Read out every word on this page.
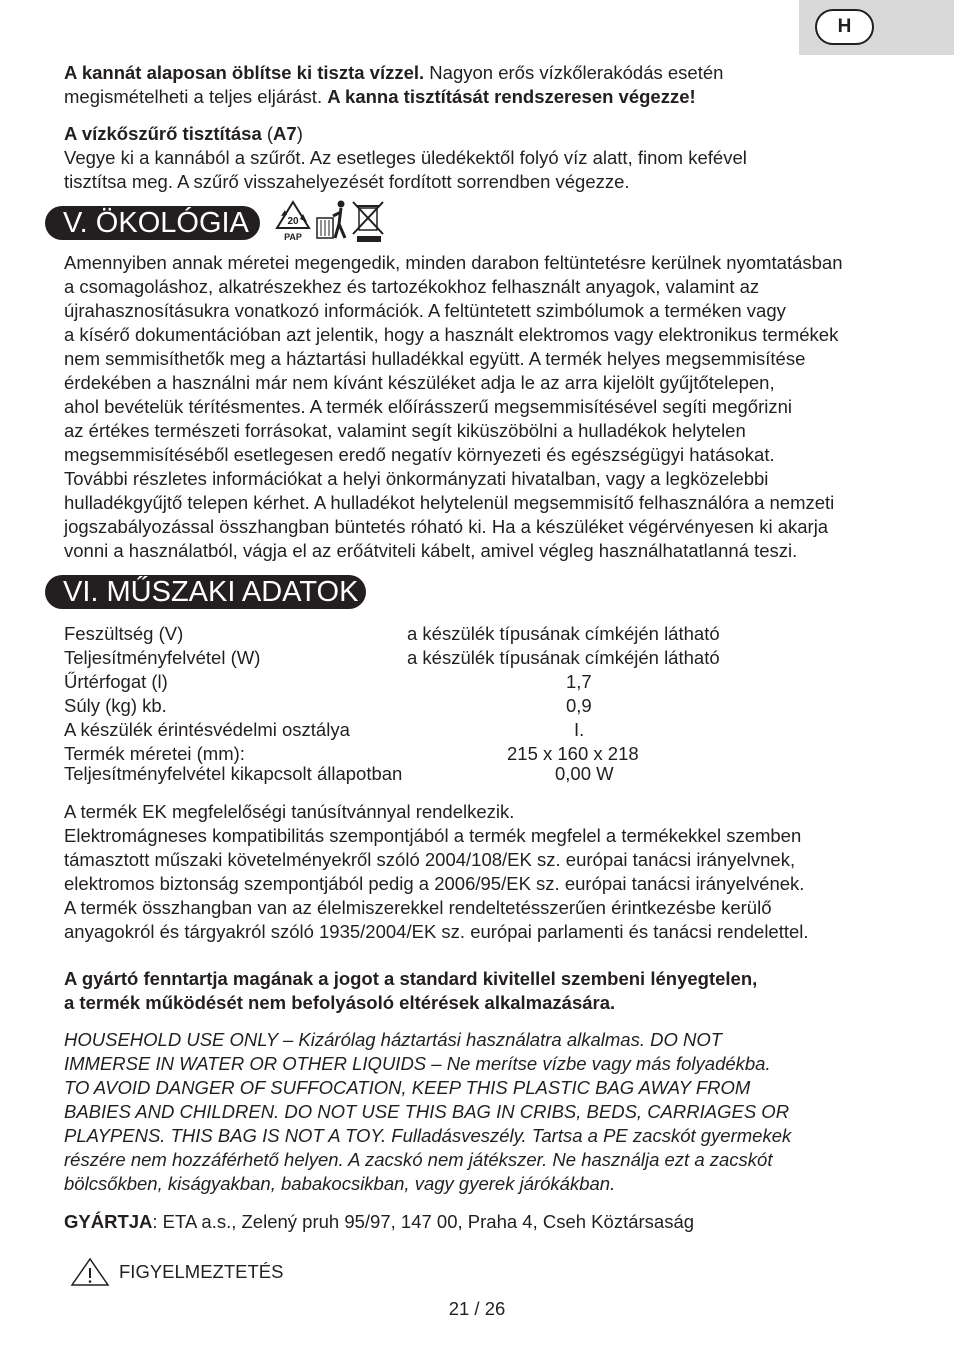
H
A kannát alaposan öblítse ki tiszta vízzel. Nagyon erős vízkőlerakódás esetén
megismételheti a teljes eljárást. A kanna tisztítását rendszeresen végezze!
A vízkőszűrő tisztítása (A7)
Vegye ki a kannából a szűrőt. Az esetleges üledékektől folyó víz alatt, finom kefével
tisztítsa meg. A szűrő visszahelyezését fordított sorrendben végezze.
V. ÖKOLÓGIA	20
PAP
Amennyiben annak méretei megengedik, minden darabon feltüntetésre kerülnek nyomtatásban
a csomagoláshoz, alkatrészekhez és tartozékokhoz felhasznált anyagok, valamint az
újrahasznosításukra vonatkozó információk. A feltüntetett szimbólumok a terméken vagy
a kísérő dokumentációban azt jelentik, hogy a használt elektromos vagy elektronikus termékek
nem semmisíthetők meg a háztartási hulladékkal együtt. A termék helyes megsemmisítése
érdekében a használni már nem kívánt készüléket adja le az arra kijelölt gyűjtőtelepen,
ahol bevételük térítésmentes. A termék előírásszerű megsemmisítésével segíti megőrizni
az értékes természeti forrásokat, valamint segít kiküszöbölni a hulladékok helytelen
megsemmisítéséből esetlegesen eredő negatív környezeti és egészségügyi hatásokat.
További részletes információkat a helyi önkormányzati hivatalban, vagy a legközelebbi
hulladékgyűjtő telepen kérhet. A hulladékot helytelenül megsemmisítő felhasználóra a nemzeti
jogszabályozással összhangban büntetés róható ki. Ha a készüléket végérvényesen ki akarja
vonni a használatból, vágja el az erőátviteli kábelt, amivel végleg használhatatlanná teszi.
VI. MŰSZAKI ADATOK
Feszültség (V)	a készülék típusának címkéjén látható
Teljesítményfelvétel (W)	a készülék típusának címkéjén látható
Űrtérfogat (l)	1,7
Súly (kg) kb.	0,9
A készülék érintésvédelmi osztálya	I.
Termék méretei (mm):	215 x 160 x 218
Teljesítményfelvétel kikapcsolt állapotban	0,00 W
A termék EK megfelelőségi tanúsítvánnyal rendelkezik.
Elektromágneses kompatibilitás szempontjából a termék megfelel a termékekkel szemben
támasztott műszaki követelményekről szóló 2004/108/EK sz. európai tanácsi irányelvnek,
elektromos biztonság szempontjából pedig a 2006/95/EK sz. európai tanácsi irányelvének.
A termék összhangban van az élelmiszerekkel rendeltetésszerűen érintkezésbe kerülő
anyagokról és tárgyakról szóló 1935/2004/EK sz. európai parlamenti és tanácsi rendelettel.
A gyártó fenntartja magának a jogot a standard kivitellel szembeni lényegtelen,
a termék működését nem befolyásoló eltérések alkalmazására.
HOUSEHOLD USE ONLY – Kizárólag háztartási használatra alkalmas. DO NOT
IMMERSE IN WATER OR OTHER LIQUIDS – Ne merítse vízbe vagy más folyadékba.
TO AVOID DANGER OF SUFFOCATION, KEEP THIS PLASTIC BAG AWAY FROM
BABIES AND CHILDREN. DO NOT USE THIS BAG IN CRIBS, BEDS, CARRIAGES OR
PLAYPENS. THIS BAG IS NOT A TOY. Fulladásveszély. Tartsa a PE zacskót gyermekek
részére nem hozzáférhető helyen. A zacskó nem játékszer. Ne használja ezt a zacskót
bölcsőkben, kiságyakban, babakocsikban, vagy gyerek járókákban.
GYÁRTJA: ETA a.s., Zelený pruh 95/97, 147 00, Praha 4, Cseh Köztársaság
FIGYELMEZTETÉS
21 / 26
